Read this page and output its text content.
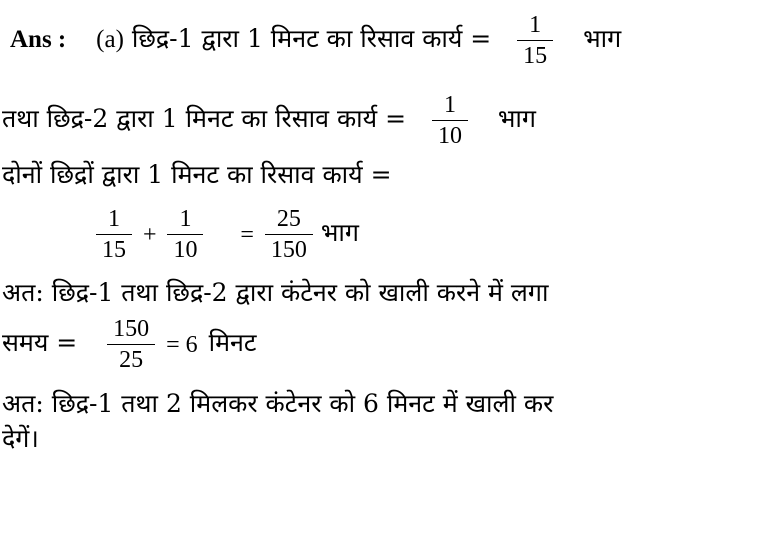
Ans : (a) छिद्र-1 द्वारा 1 मिनट का रिसाव कार्य = $\frac{1}{15}$ भाग
तथा छिद्र-2 द्वारा 1 मिनट का रिसाव कार्य = $\frac{1}{10}$ भाग
दोनों छिद्रों द्वारा 1 मिनट का रिसाव कार्य =
$\frac{1}{15} + \frac{1}{10} = \frac{25}{150}$ भाग
अत: छिद्र-1 तथा छिद्र-2 द्वारा कंटेनर को खाली करने में लगा
समय = $\frac{150}{25} = 6$ मिनट
अत: छिद्र-1 तथा 2 मिलकर कंटेनर को 6 मिनट में खाली कर
देगें।
